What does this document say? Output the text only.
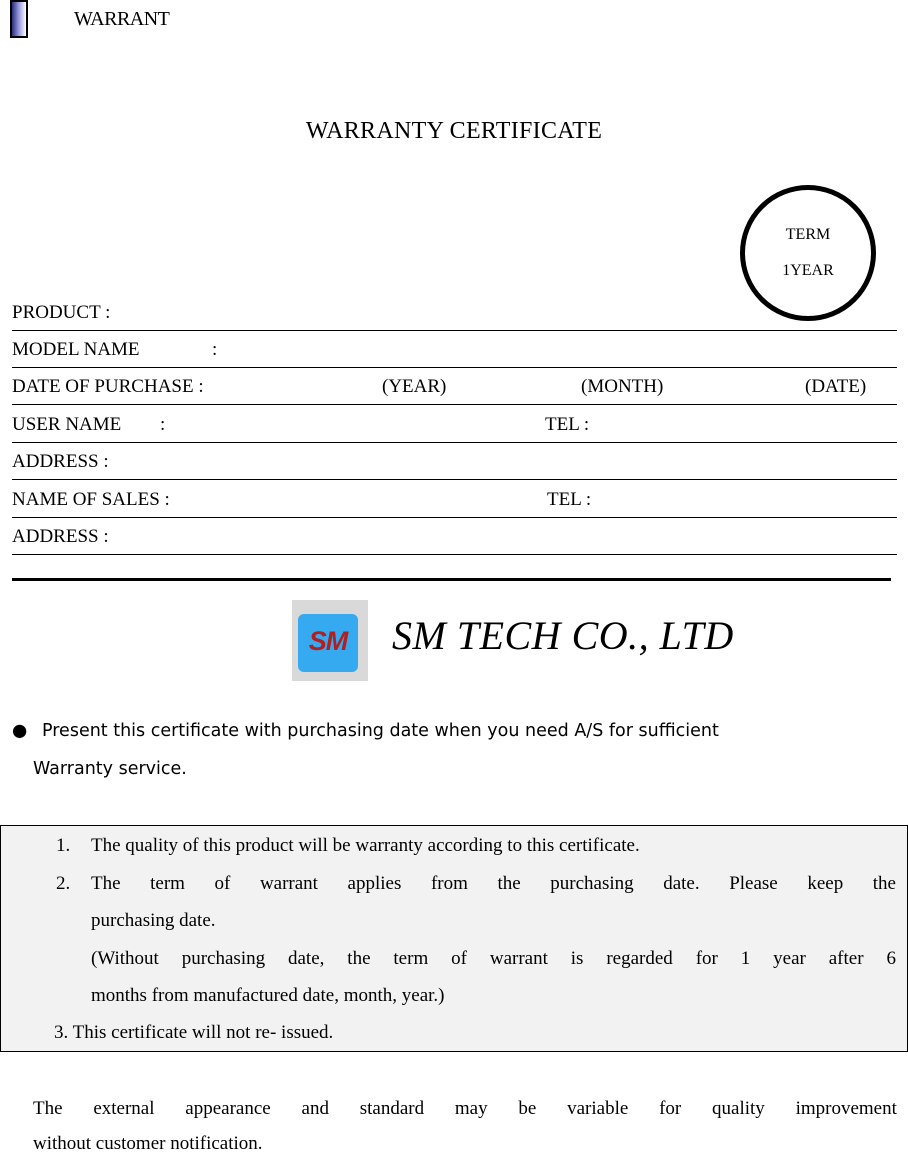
WARRANT
WARRANTY CERTIFICATE
TERM
1YEAR
PRODUCT :
MODEL NAME	:
DATE OF PURCHASE :	(YEAR)	(MONTH)	(DATE)
USER NAME :	TEL :
ADDRESS :
NAME OF SALES :	TEL :
ADDRESS :
SM SM TECH CO., LTD
● Present this certificate with purchasing date when you need A/S for sufficient
Warranty service.
1. The quality of this product will be warranty according to this certificate.
2. The term of warrant applies from the purchasing date. Please keep the
purchasing date.
(Without purchasing date, the term of warrant is regarded for 1 year after 6
months from manufactured date, month, year.)
3. This certificate will not re- issued.
The external appearance and standard may be variable for quality improvement
without customer notification.
